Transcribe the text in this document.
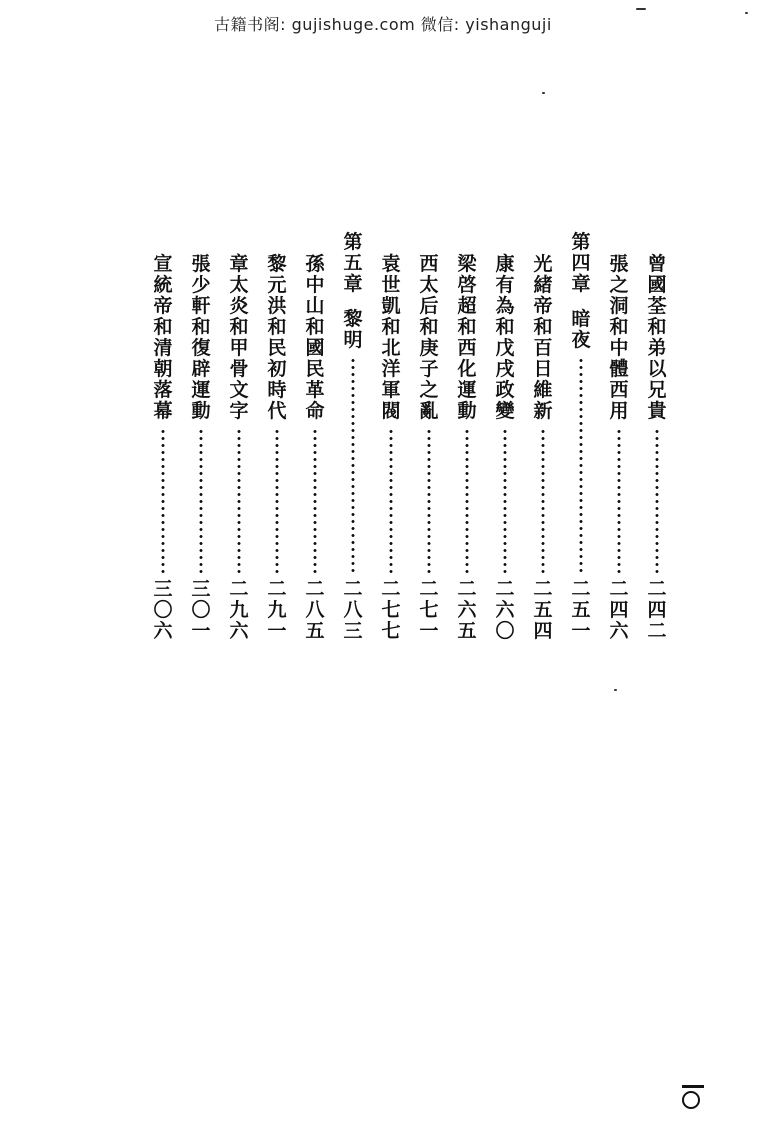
古籍书阁: gujishuge.com 微信: yishanguji
曾
國
荃
和
弟
以
兄
貴
二
四
二
張
之
洞
和
中
體
西
用
二
四
六
第
四
章
暗
夜
二
五
一
光
緒
帝
和
百
日
維
新
二
五
四
康
有
為
和
戊
戌
政
變
二
六
〇
梁
啓
超
和
西
化
運
動
二
六
五
西
太
后
和
庚
子
之
亂
二
七
一
袁
世
凱
和
北
洋
軍
閥
二
七
七
第
五
章
黎
明
二
八
三
孫
中
山
和
國
民
革
命
二
八
五
黎
元
洪
和
民
初
時
代
二
九
一
章
太
炎
和
甲
骨
文
字
二
九
六
張
少
軒
和
復
辟
運
動
三
〇
一
宣
統
帝
和
清
朝
落
幕
三
〇
六
